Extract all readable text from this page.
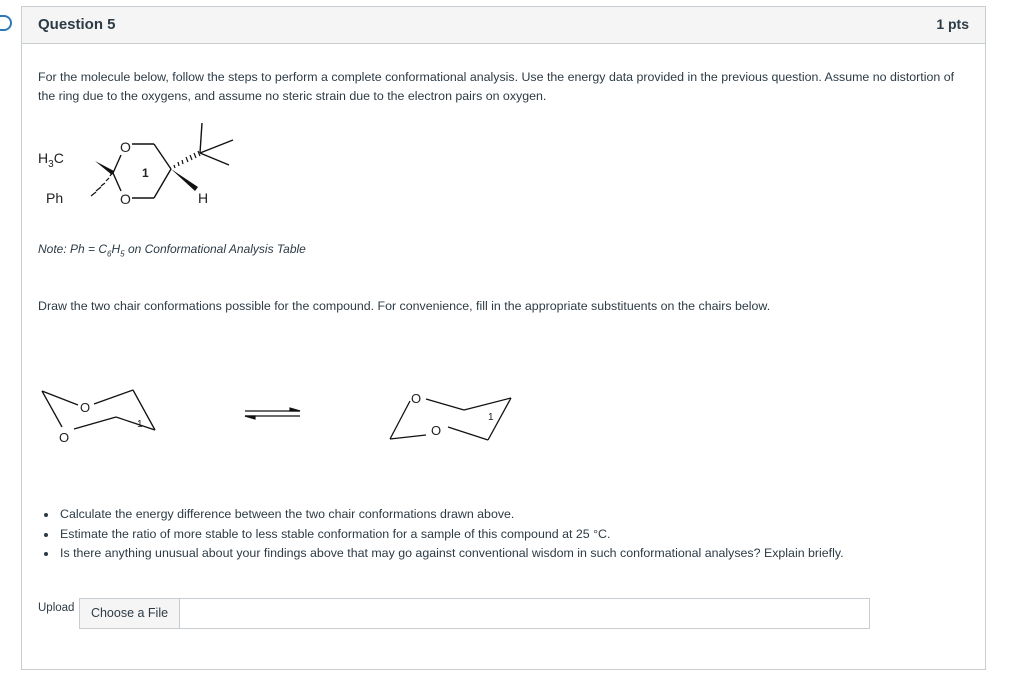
Question 5	1 pts
For the molecule below, follow the steps to perform a complete conformational analysis. Use the energy data provided in the previous question. Assume no distortion of the ring due to the oxygens, and assume no steric strain due to the electron pairs on oxygen.
$H_3C$
Ph
O
O
1
H
Note: $Ph = C_6H_5$ on Conformational Analysis Table
Draw the two chair conformations possible for the compound. For convenience, fill in the appropriate substituents on the chairs below.
O
O
1
O
O
1
• Calculate the energy difference between the two chair conformations drawn above.
• Estimate the ratio of more stable to less stable conformation for a sample of this compound at 25 °C.
• Is there anything unusual about your findings above that may go against conventional wisdom in such conformational analyses? Explain briefly.
Upload	Choose a File
